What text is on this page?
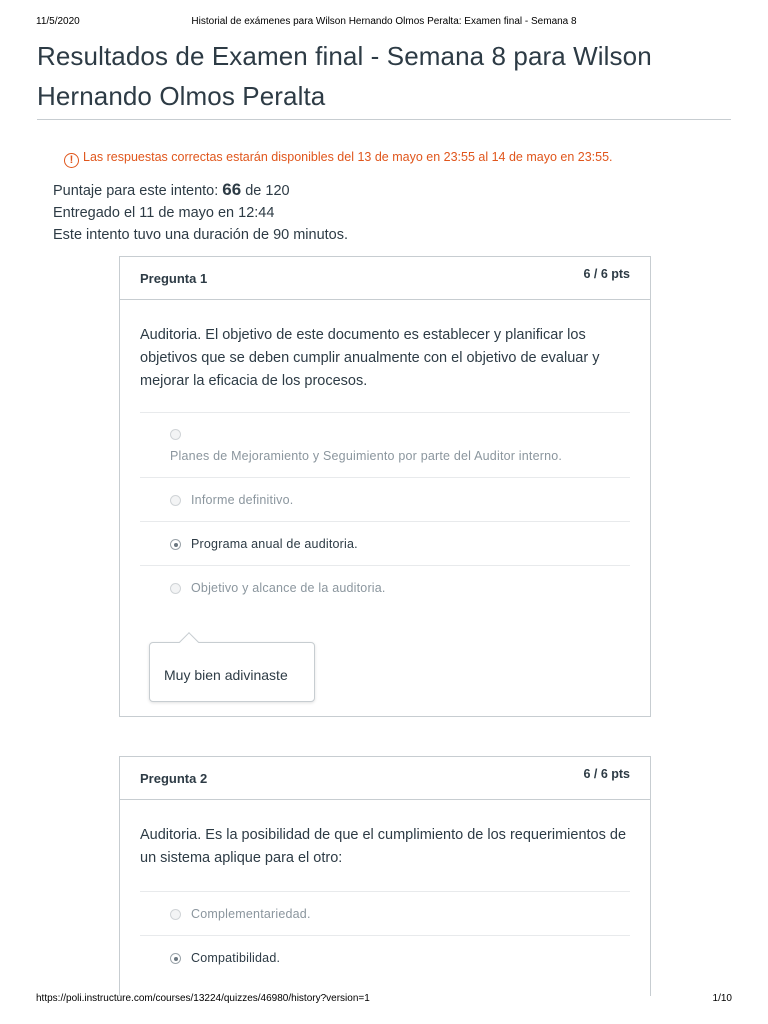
11/5/2020	Historial de exámenes para Wilson Hernando Olmos Peralta: Examen final - Semana 8
Resultados de Examen final - Semana 8 para Wilson Hernando Olmos Peralta
! Las respuestas correctas estarán disponibles del 13 de mayo en 23:55 al 14 de mayo en 23:55.
Puntaje para este intento: 66 de 120
Entregado el 11 de mayo en 12:44
Este intento tuvo una duración de 90 minutos.
Pregunta 1	6 / 6 pts
Auditoria. El objetivo de este documento es establecer y planificar los objetivos que se deben cumplir anualmente con el objetivo de evaluar y mejorar la eficacia de los procesos.
Planes de Mejoramiento y Seguimiento por parte del Auditor interno.
Informe definitivo.
Programa anual de auditoria.
Objetivo y alcance de la auditoria.
Muy bien adivinaste
Pregunta 2	6 / 6 pts
Auditoria. Es la posibilidad de que el cumplimiento de los requerimientos de un sistema aplique para el otro:
Complementariedad.
Compatibilidad.
https://poli.instructure.com/courses/13224/quizzes/46980/history?version=1	1/10
